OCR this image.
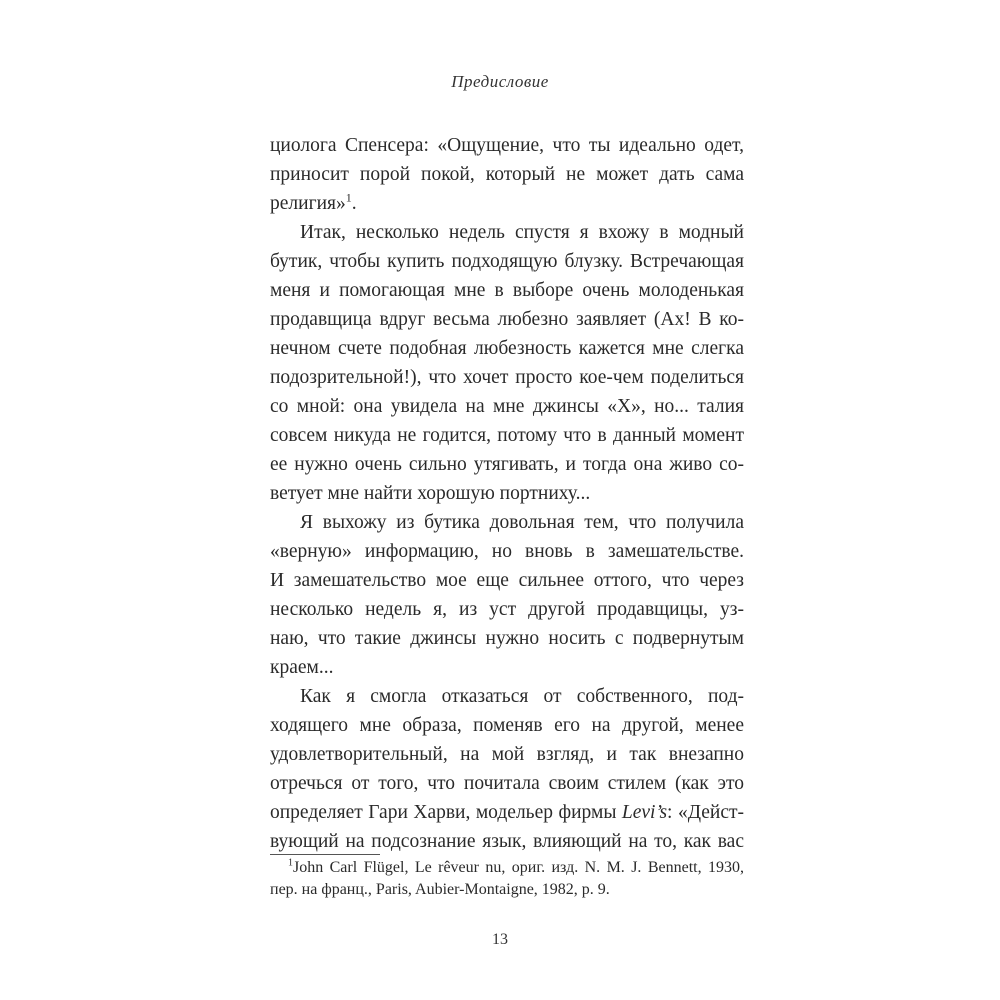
Предисловие
циолога Спенсера: «Ощущение, что ты идеально одет,
приносит порой покой, который не может дать сама
религия»$^1$.
Итак, несколько недель спустя я вхожу в модный
бутик, чтобы купить подходящую блузку. Встречающая
меня и помогающая мне в выборе очень молоденькая
продавщица вдруг весьма любезно заявляет (Ах! В ко-
нечном счете подобная любезность кажется мне слегка
подозрительной!), что хочет просто кое-чем поделиться
со мной: она увидела на мне джинсы «Х», но... талия
совсем никуда не годится, потому что в данный момент
ее нужно очень сильно утягивать, и тогда она живо со-
ветует мне найти хорошую портниху...
Я выхожу из бутика довольная тем, что получила
«верную» информацию, но вновь в замешательстве.
И замешательство мое еще сильнее оттого, что через
несколько недель я, из уст другой продавщицы, уз-
наю, что такие джинсы нужно носить с подвернутым
краем...
Как я смогла отказаться от собственного, под-
ходящего мне образа, поменяв его на другой, менее
удовлетворительный, на мой взгляд, и так внезапно
отречься от того, что почитала своим стилем (как это
определяет Гари Харви, модельер фирмы Levi’s: «Дейст-
вующий на подсознание язык, влияющий на то, как вас
$^1$John Carl Flügel, Le rêveur nu, ориг. изд. N. M. J. Bennett, 1930,
пер. на франц., Paris, Aubier-Montaigne, 1982, p. 9.
13
